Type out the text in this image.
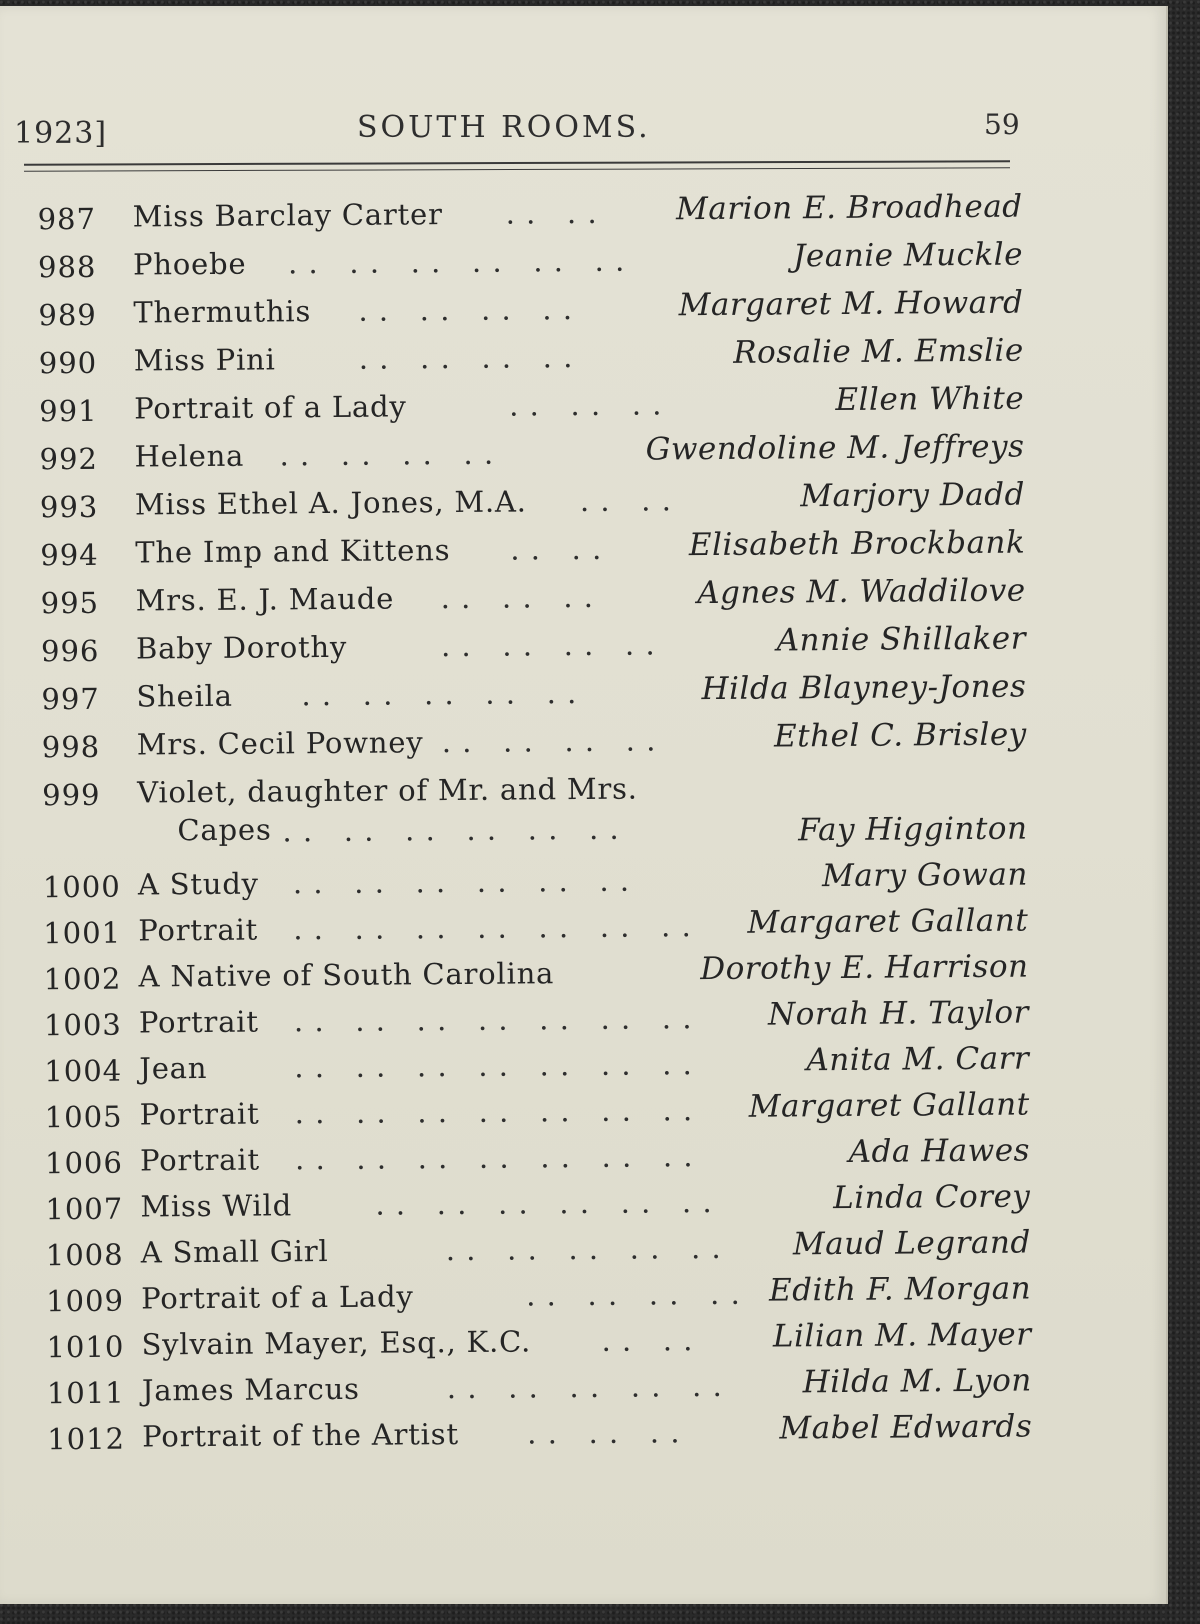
1923]	SOUTH ROOMS.	59
987 Miss Barclay Carter . .   . .	Marion E. Broadhead
988 Phoebe . .   . .   . .   . .   . .   . .	Jeanie Muckle
989 Thermuthis . .   . .   . .   . .	Margaret M. Howard
990 Miss Pini	. .   . .   . .   . .	Rosalie M. Emslie
991 Portrait of a Lady	. .   . .   . .	Ellen White
992 Helena . .   . .   . .   . .	Gwendoline M. Jeffreys
993 Miss Ethel A. Jones, M.A. . .   . .	Marjory Dadd
994 The Imp and Kittens . .   . .	Elisabeth Brockbank
995 Mrs. E. J. Maude . .   . .   . .	Agnes M. Waddilove
996 Baby Dorothy	. .   . .   . .   . .	Annie Shillaker
997 Sheila . .   . .   . .   . .   . .	Hilda Blayney-Jones
998 Mrs. Cecil Powney . .   . .   . .   . .	Ethel C. Brisley
999 Violet, daughter of Mr. and Mrs.
Capes . .   . .   . .   . .   . .   . .	Fay Higginton
1000 A Study . .   . .   . .   . .   . .   . .	Mary Gowan
1001 Portrait . .   . .   . .   . .   . .   . .   . . Margaret Gallant
1002 A Native of South Carolina	Dorothy E. Harrison
1003 Portrait . .   . .   . .   . .   . .   . .   . . Norah H. Taylor
1004 Jean	. .   . .   . .   . .   . .   . .   . .	Anita M. Carr
1005 Portrait . .   . .   . .   . .   . .   . .   . . Margaret Gallant
1006 Portrait . .   . .   . .   . .   . .   . .   . .	Ada Hawes
1007 Miss Wild	. .   . .   . .   . .   . .   . .	Linda Corey
1008 A Small Girl	. .   . .   . .   . .   . . Maud Legrand
1009 Portrait of a Lady	. .   . .   . .   . . Edith F. Morgan
1010 Sylvain Mayer, Esq., K.C. . .   . .	Lilian M. Mayer
1011 James Marcus	. .   . .   . .   . .   . .	Hilda M. Lyon
1012 Portrait of the Artist . .   . .   . .	Mabel Edwards
